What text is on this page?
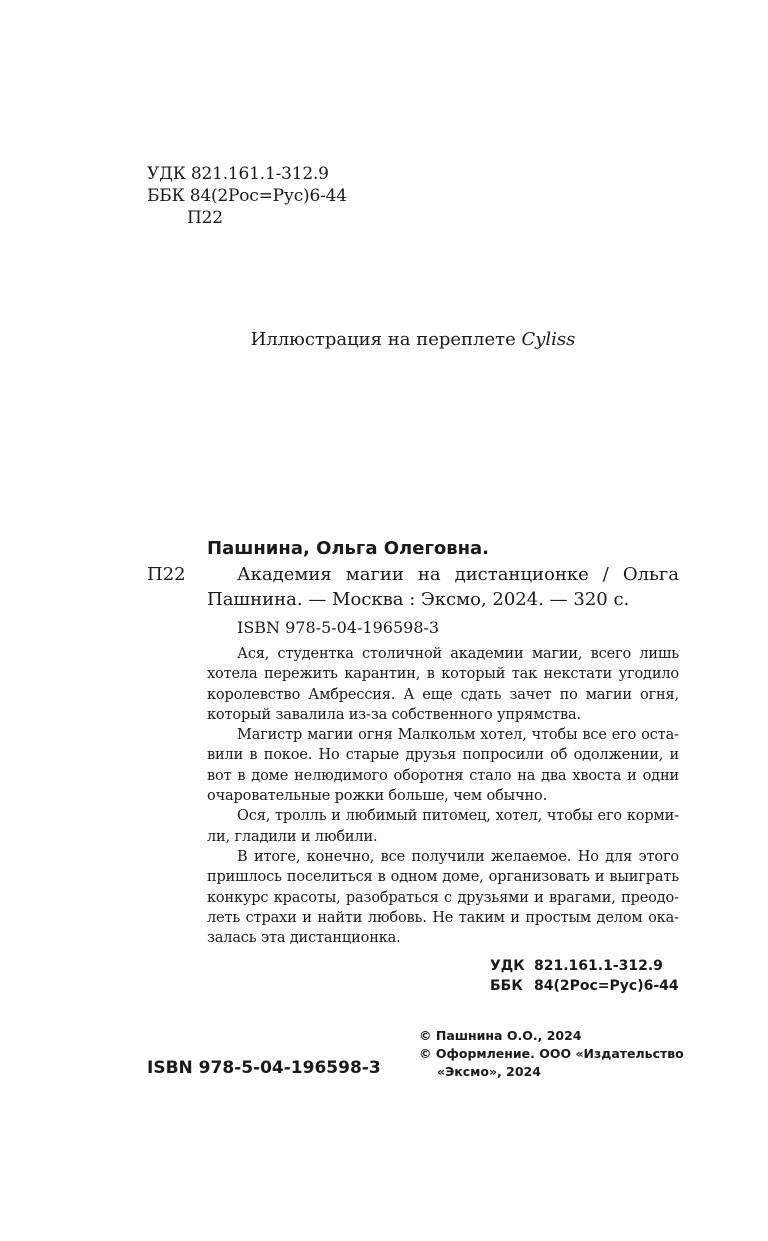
УДК 821.161.1-312.9
ББК 84(2Рос=Рус)6-44
П22
Иллюстрация на переплете Cyliss
Пашнина, Ольга Олеговна.
П22	Академия магии на дистанционке / Ольга
Пашнина. — Москва : Эксмо, 2024. — 320 с.
ISBN 978-5-04-196598-3

Ася, студентка столичной академии магии, всего лишь хотела пережить карантин, в который так некстати угодило королевство Амбрессия. А еще сдать зачет по магии огня, который завалила из-за собственного упрямства.

Магистр магии огня Малкольм хотел, чтобы все его оставили в покое. Но старые друзья попросили об одолжении, и вот в доме нелюдимого оборотня стало на два хвоста и одни очаровательные рожки больше, чем обычно.

Ося, тролль и любимый питомец, хотел, чтобы его кормили, гладили и любили.

В итоге, конечно, все получили желаемое. Но для этого пришлось поселиться в одном доме, организовать и выиграть конкурс красоты, разобраться с друзьями и врагами, преодолеть страхи и найти любовь. Не таким и простым делом оказалась эта дистанционка.

УДК 821.161.1-312.9
ББК 84(2Рос=Рус)6-44
ISBN 978-5-04-196598-3
© Пашнина О.О., 2024
© Оформление. ООО «Издательство
«Эксмо», 2024
